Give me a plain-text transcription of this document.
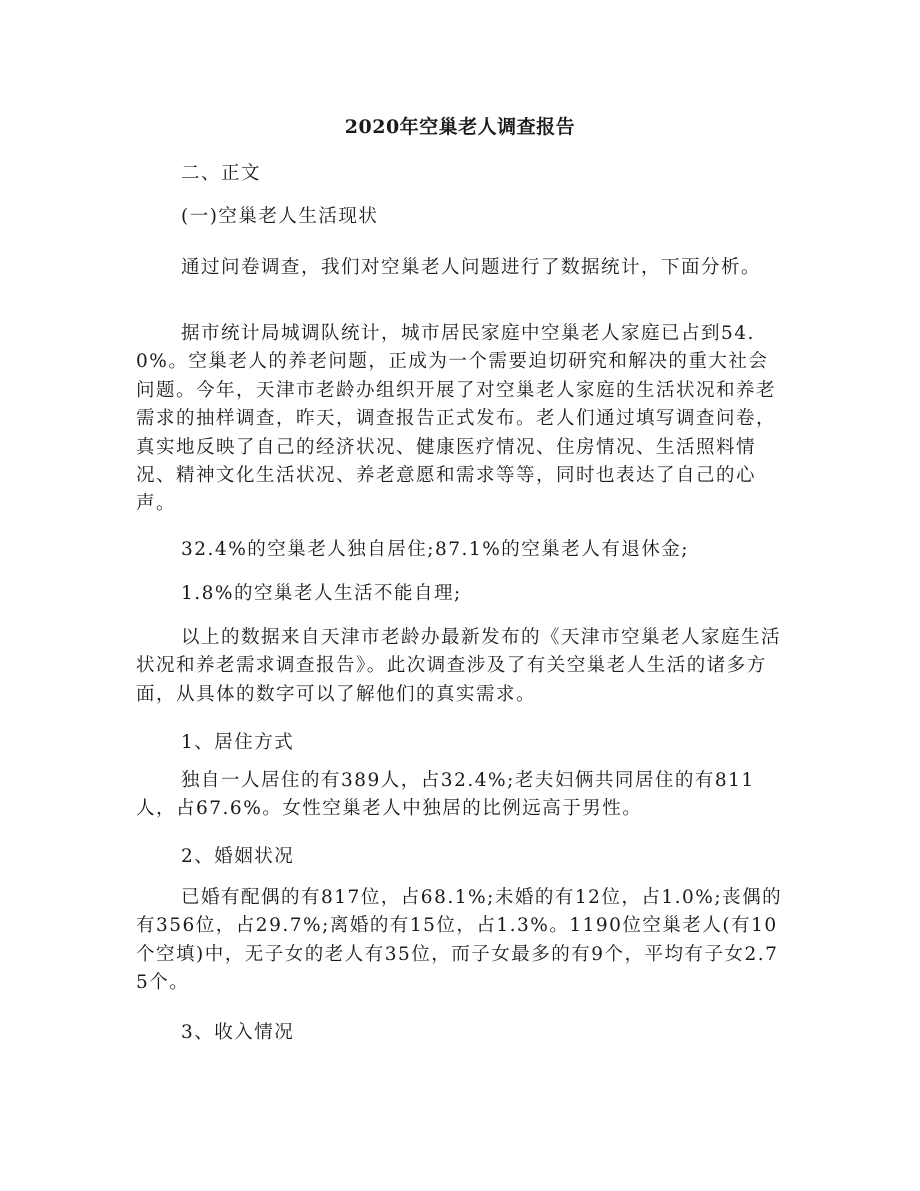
2020年空巢老人调查报告

二、正文

(一)空巢老人生活现状

通过问卷调查，我们对空巢老人问题进行了数据统计，下面分析。

据市统计局城调队统计，城市居民家庭中空巢老人家庭已占到54.0%。空巢老人的养老问题，正成为一个需要迫切研究和解决的重大社会问题。今年，天津市老龄办组织开展了对空巢老人家庭的生活状况和养老需求的抽样调查，昨天，调查报告正式发布。老人们通过填写调查问卷，真实地反映了自己的经济状况、健康医疗情况、住房情况、生活照料情况、精神文化生活状况、养老意愿和需求等等，同时也表达了自己的心声。

32.4%的空巢老人独自居住;87.1%的空巢老人有退休金;

1.8%的空巢老人生活不能自理;

以上的数据来自天津市老龄办最新发布的《天津市空巢老人家庭生活状况和养老需求调查报告》。此次调查涉及了有关空巢老人生活的诸多方面，从具体的数字可以了解他们的真实需求。

1、居住方式

独自一人居住的有389人，占32.4%;老夫妇俩共同居住的有811人，占67.6%。女性空巢老人中独居的比例远高于男性。

2、婚姻状况

已婚有配偶的有817位，占68.1%;未婚的有12位，占1.0%;丧偶的有356位，占29.7%;离婚的有15位，占1.3%。1190位空巢老人(有10个空填)中，无子女的老人有35位，而子女最多的有9个，平均有子女2.75个。

3、收入情况
